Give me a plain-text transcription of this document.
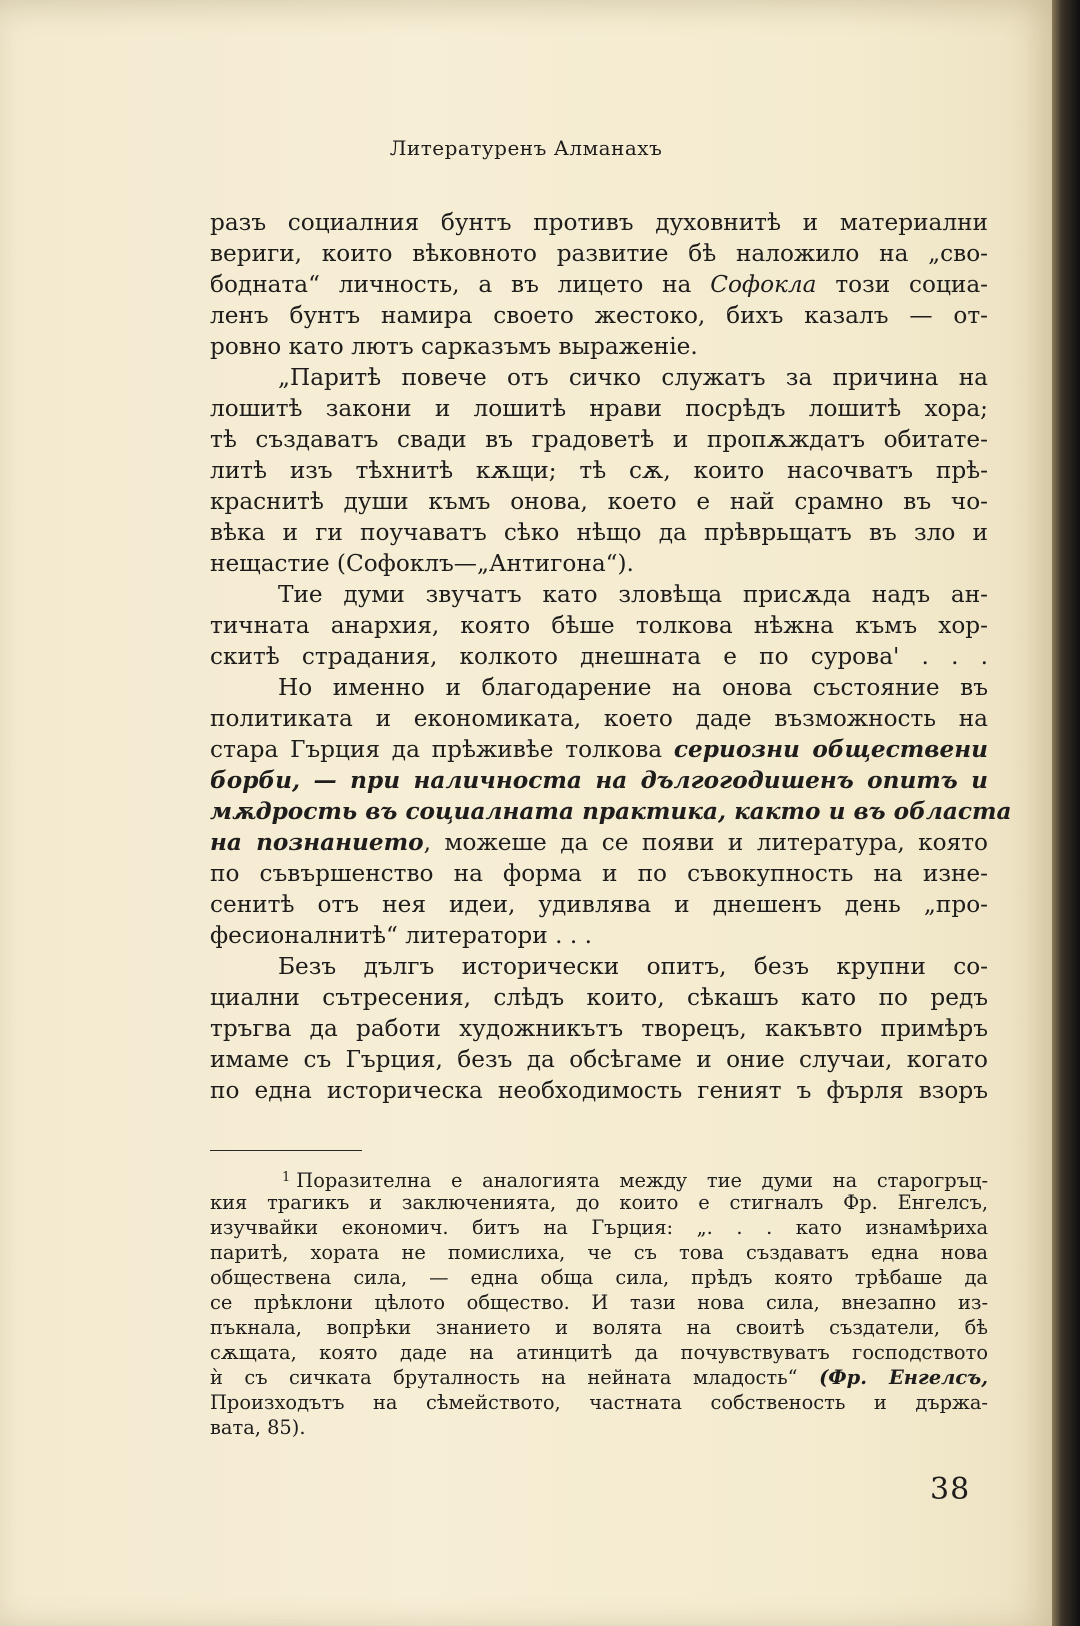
Литературенъ Алманахъ
разъ социалния бунтъ противъ духовнитѣ и материални
вериги, които вѣковното развитие бѣ наложило на „сво-
бодната“ личность, а въ лицето на Софокла този социа-
ленъ бунтъ намира своето жестоко, бихъ казалъ — от-
ровно като лютъ сарказъмъ выраженiе.
„Паритѣ повече отъ сичко служатъ за причина на
лошитѣ закони и лошитѣ нрави посрѣдъ лошитѣ хора;
тѣ създаватъ свади въ градоветѣ и пропѫждатъ обитате-
литѣ изъ тѣхнитѣ кѫщи; тѣ сѫ, които насочватъ прѣ-
краснитѣ души къмъ онова, което е най срамно въ чо-
вѣка и ги поучаватъ сѣко нѣщо да прѣврьщатъ въ зло и
нещастие (Софоклъ—„Антигона“).
Тие думи звучатъ като зловѣща присѫда надъ ан-
тичната анархия, която бѣше толкова нѣжна къмъ хор-
скитѣ страдания, колкото днешната е по сурова' . . .
Но именно и благодарение на онова състояние въ
политиката и економиката, което даде възможность на
стара Гърция да прѣживѣе толкова сериозни обществени
борби, — при наличноста на дългогодишенъ опитъ и
мѫдрость въ социалната практика, както и въ областа
на познанието, можеше да се появи и литература, която
по съвършенство на форма и по съвокупность на изне-
сенитѣ отъ нея идеи, удивлява и днешенъ день „про-
фесионалнитѣ“ литератори . . .
Безъ дългъ исторически опитъ, безъ крупни со-
циални сътресения, слѣдъ които, сѣкашъ като по редъ
тръгва да работи художникътъ творецъ, какъвто примѣръ
имаме съ Гърция, безъ да обсѣгаме и оние случаи, когато
по една историческа необходимость геният ъ фърля взоръ
$^1$ Поразителна е аналогията между тие думи на старогръц-
кия трагикъ и заключенията, до които е стигналъ Фр. Енгелсъ,
изучвайки економич. битъ на Гърция: „. . . като изнамѣриха
паритѣ, хората не помислиха, че съ това създаватъ една нова
обществена сила, — една обща сила, прѣдъ която трѣбаше да
се прѣклони цѣлото общество. И тази нова сила, внезапно из-
пъкнала, вопрѣки знанието и волята на своитѣ създатели, бѣ
сѫщата, която даде на атинцитѣ да почувствуватъ господството
ѝ съ сичката бруталность на нейната младость“ (Фр. Енгелсъ,
Произходътъ на сѣмейството, частната собственость и държа-
вата, 85).
38
